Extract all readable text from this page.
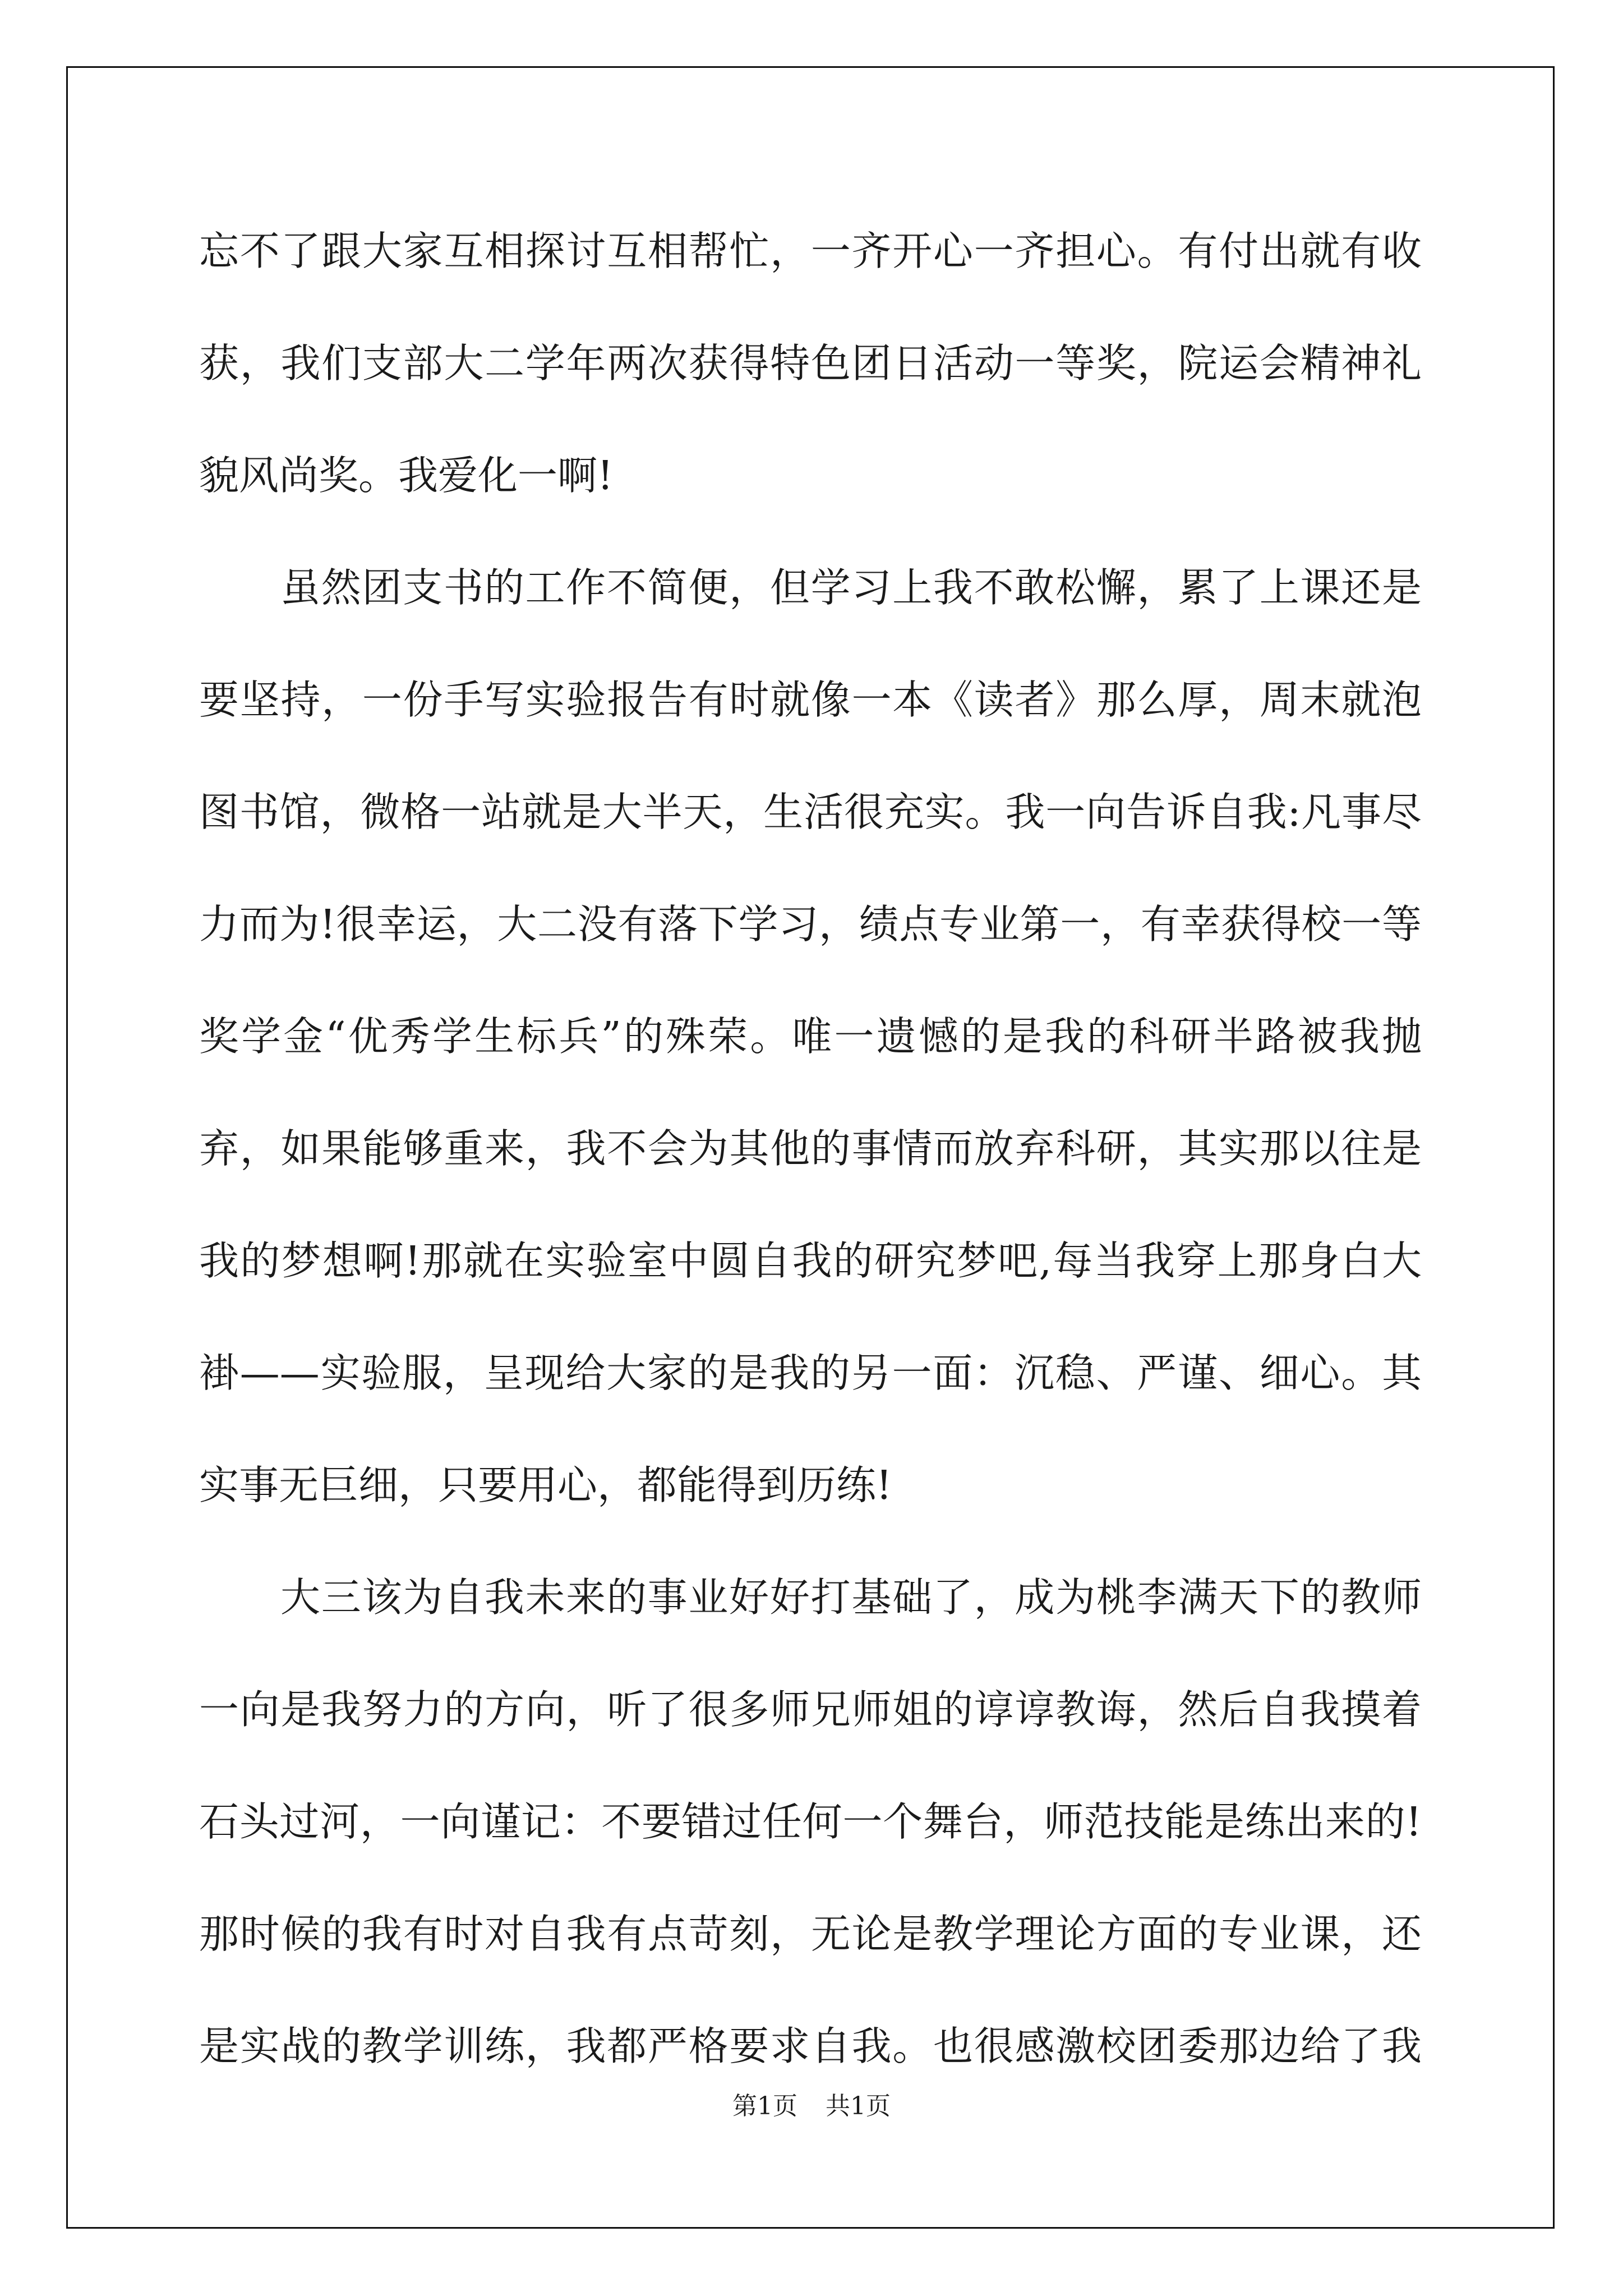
忘不了跟大家互相探讨互相帮忙，一齐开心一齐担心。有付出就有收
获，我们支部大二学年两次获得特色团日活动一等奖，院运会精神礼
貌风尚奖。我爱化一啊!
虽然团支书的工作不简便，但学习上我不敢松懈，累了上课还是
要坚持，一份手写实验报告有时就像一本《读者》那么厚，周末就泡
图书馆，微格一站就是大半天，生活很充实。我一向告诉自我:凡事尽
力而为!很幸运，大二没有落下学习，绩点专业第一，有幸获得校一等
奖学金“优秀学生标兵”的殊荣。唯一遗憾的是我的科研半路被我抛
弃，如果能够重来，我不会为其他的事情而放弃科研，其实那以往是
我的梦想啊!那就在实验室中圆自我的研究梦吧,每当我穿上那身白大
褂——实验服，呈现给大家的是我的另一面：沉稳、严谨、细心。其
实事无巨细，只要用心，都能得到历练!
大三该为自我未来的事业好好打基础了，成为桃李满天下的教师
一向是我努力的方向，听了很多师兄师姐的谆谆教诲，然后自我摸着
石头过河，一向谨记：不要错过任何一个舞台，师范技能是练出来的!
那时候的我有时对自我有点苛刻，无论是教学理论方面的专业课，还
是实战的教学训练，我都严格要求自我。也很感激校团委那边给了我
第1页 共1页
